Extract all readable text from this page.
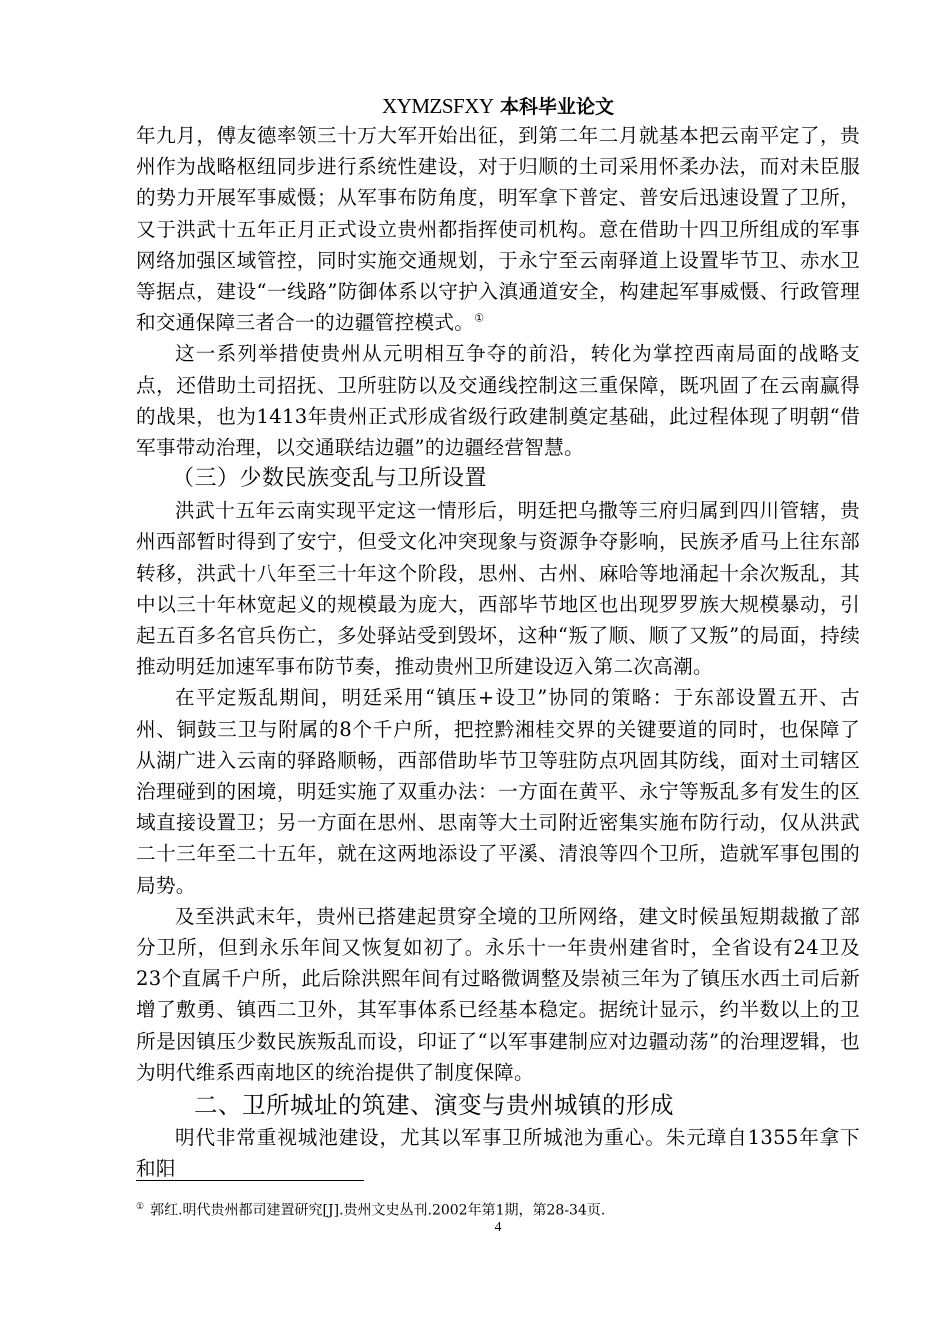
XYMZSFXY 本科毕业论文

年九月，傅友德率领三十万大军开始出征，到第二年二月就基本把云南平定了，贵州作为战略枢纽同步进行系统性建设，对于归顺的土司采用怀柔办法，而对未臣服的势力开展军事威慑；从军事布防角度，明军拿下普定、普安后迅速设置了卫所，又于洪武十五年正月正式设立贵州都指挥使司机构。意在借助十四卫所组成的军事网络加强区域管控，同时实施交通规划，于永宁至云南驿道上设置毕节卫、赤水卫等据点，建设“一线路”防御体系以守护入滇通道安全，构建起军事威慑、行政管理和交通保障三者合一的边疆管控模式。①

这一系列举措使贵州从元明相互争夺的前沿，转化为掌控西南局面的战略支点，还借助土司招抚、卫所驻防以及交通线控制这三重保障，既巩固了在云南赢得的战果，也为1413年贵州正式形成省级行政建制奠定基础，此过程体现了明朝“借军事带动治理，以交通联结边疆”的边疆经营智慧。

（三）少数民族变乱与卫所设置

洪武十五年云南实现平定这一情形后，明廷把乌撒等三府归属到四川管辖，贵州西部暂时得到了安宁，但受文化冲突现象与资源争夺影响，民族矛盾马上往东部转移，洪武十八年至三十年这个阶段，思州、古州、麻哈等地涌起十余次叛乱，其中以三十年林宽起义的规模最为庞大，西部毕节地区也出现罗罗族大规模暴动，引起五百多名官兵伤亡，多处驿站受到毁坏，这种“叛了顺、顺了又叛”的局面，持续推动明廷加速军事布防节奏，推动贵州卫所建设迈入第二次高潮。

在平定叛乱期间，明廷采用“镇压+设卫”协同的策略：于东部设置五开、古州、铜鼓三卫与附属的8个千户所，把控黔湘桂交界的关键要道的同时，也保障了从湖广进入云南的驿路顺畅，西部借助毕节卫等驻防点巩固其防线，面对土司辖区治理碰到的困境，明廷实施了双重办法：一方面在黄平、永宁等叛乱多有发生的区域直接设置卫；另一方面在思州、思南等大土司附近密集实施布防行动，仅从洪武二十三年至二十五年，就在这两地添设了平溪、清浪等四个卫所，造就军事包围的局势。

及至洪武末年，贵州已搭建起贯穿全境的卫所网络，建文时候虽短期裁撤了部分卫所，但到永乐年间又恢复如初了。永乐十一年贵州建省时，全省设有24卫及23个直属千户所，此后除洪熙年间有过略微调整及崇祯三年为了镇压水西土司后新增了敷勇、镇西二卫外，其军事体系已经基本稳定。据统计显示，约半数以上的卫所是因镇压少数民族叛乱而设，印证了“以军事建制应对边疆动荡”的治理逻辑，也为明代维系西南地区的统治提供了制度保障。

二、卫所城址的筑建、演变与贵州城镇的形成

明代非常重视城池建设，尤其以军事卫所城池为重心。朱元璋自1355年拿下和阳

① 郭红.明代贵州都司建置研究[J].贵州文史丛刊.2002年第1期，第28-34页.
4
